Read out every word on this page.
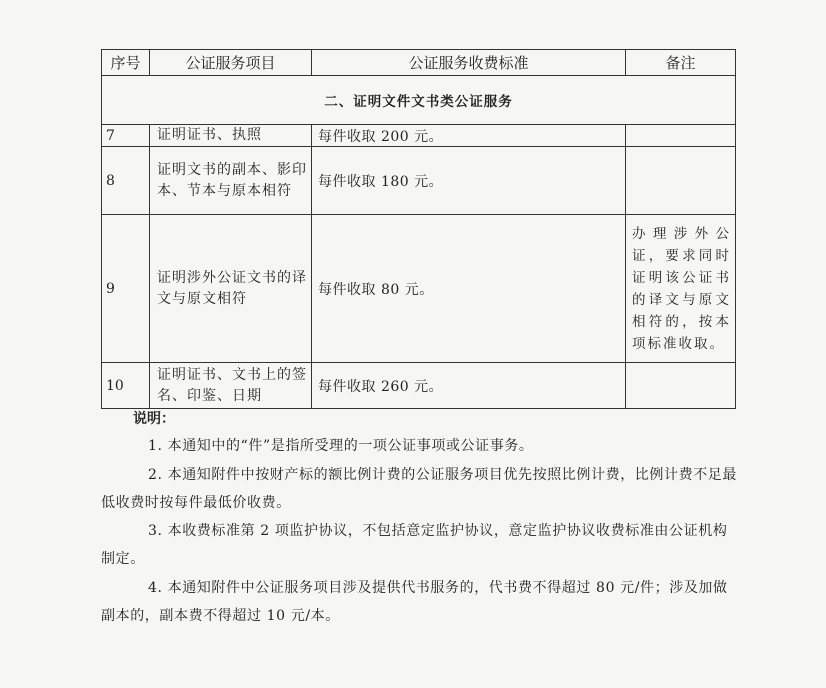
序号	公证服务项目	公证服务收费标准	备注
二、证明文件文书类公证服务			
7	证明证书、执照	每件收取 200 元。	
8	证明文书的副本、影印本、节本与原本相符	每件收取 180 元。	
9	证明涉外公证文书的译文与原文相符	每件收取 80 元。	办理涉外公证，要求同时证明该公证书的译文与原文相符的，按本项标准收取。
10	证明证书、文书上的签名、印鉴、日期	每件收取 260 元。	
说明：

1. 本通知中的“件”是指所受理的一项公证事项或公证事务。

2. 本通知附件中按财产标的额比例计费的公证服务项目优先按照比例计费，比例计费不足最低收费时按每件最低价收费。

3. 本收费标准第 2 项监护协议，不包括意定监护协议，意定监护协议收费标准由公证机构制定。

4. 本通知附件中公证服务项目涉及提供代书服务的，代书费不得超过 80 元/件；涉及加做副本的，副本费不得超过 10 元/本。
